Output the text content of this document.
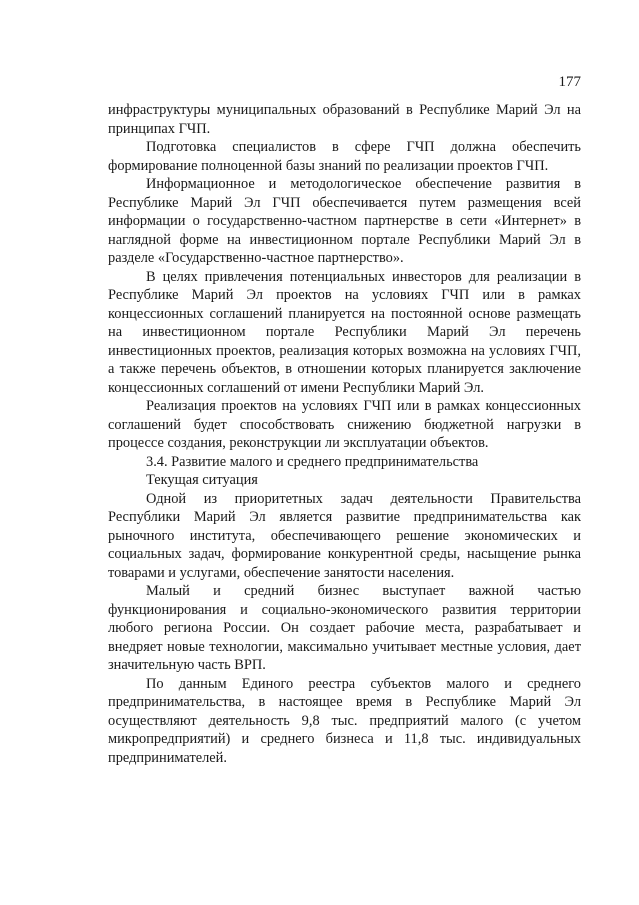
177

инфраструктуры муниципальных образований в Республике Марий Эл на принципах ГЧП.

Подготовка специалистов в сфере ГЧП должна обеспечить формирование полноценной базы знаний по реализации проектов ГЧП.

Информационное и методологическое обеспечение развития в Республике Марий Эл ГЧП обеспечивается путем размещения всей информации о государственно-частном партнерстве в сети «Интернет» в наглядной форме на инвестиционном портале Республики Марий Эл в разделе «Государственно-частное партнерство».

В целях привлечения потенциальных инвесторов для реализации в Республике Марий Эл проектов на условиях ГЧП или в рамках концессионных соглашений планируется на постоянной основе размещать на инвестиционном портале Республики Марий Эл перечень инвестиционных проектов, реализация которых возможна на условиях ГЧП, а также перечень объектов, в отношении которых планируется заключение концессионных соглашений от имени Республики Марий Эл.

Реализация проектов на условиях ГЧП или в рамках концессионных соглашений будет способствовать снижению бюджетной нагрузки в процессе создания, реконструкции ли эксплуатации объектов.

3.4. Развитие малого и среднего предпринимательства

Текущая ситуация

Одной из приоритетных задач деятельности Правительства Республики Марий Эл является развитие предпринимательства как рыночного института, обеспечивающего решение экономических и социальных задач, формирование конкурентной среды, насыщение рынка товарами и услугами, обеспечение занятости населения.

Малый и средний бизнес выступает важной частью функционирования и социально-экономического развития территории любого региона России. Он создает рабочие места, разрабатывает и внедряет новые технологии, максимально учитывает местные условия, дает значительную часть ВРП.

По данным Единого реестра субъектов малого и среднего предпринимательства, в настоящее время в Республике Марий Эл осуществляют деятельность 9,8 тыс. предприятий малого (с учетом микропредприятий) и среднего бизнеса и 11,8 тыс. индивидуальных предпринимателей.
